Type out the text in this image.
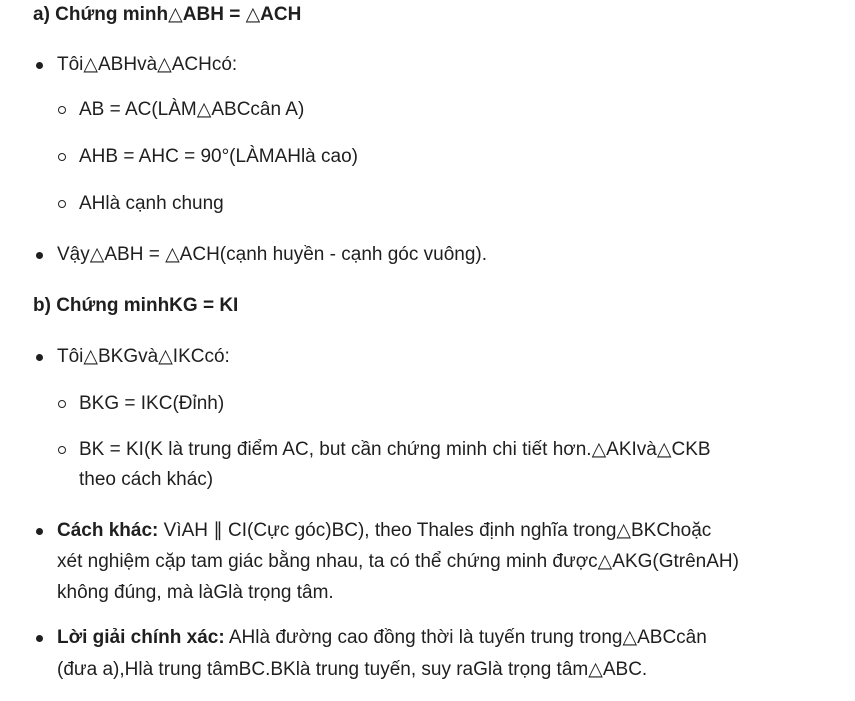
a) Chứng minh△ABH = △ACH
Tôi△ABHvà△ACHcó:
AB = AC(LÀM△ABCcân A)
AHB = AHC = 90°(LÀMAHlà cao)
AHlà cạnh chung
Vậy△ABH = △ACH(cạnh huyền - cạnh góc vuông).
b) Chứng minhKG = KI
Tôi△BKGvà△IKCcó:
BKG = IKC(Đỉnh)
BK = KI(K là trung điểm AC, but cần chứng minh chi tiết hơn.△AKIvà△CKB
theo cách khác)
Cách khác: VìAH ∥ CI(Cực góc)BC), theo Thales định nghĩa trong△BKChoặc
xét nghiệm cặp tam giác bằng nhau, ta có thể chứng minh được△AKG(GtrênAH)
không đúng, mà làGlà trọng tâm.
Lời giải chính xác: AHlà đường cao đồng thời là tuyến trung trong△ABCcân
(đưa a),Hlà trung tâmBC.BKlà trung tuyến, suy raGlà trọng tâm△ABC.
